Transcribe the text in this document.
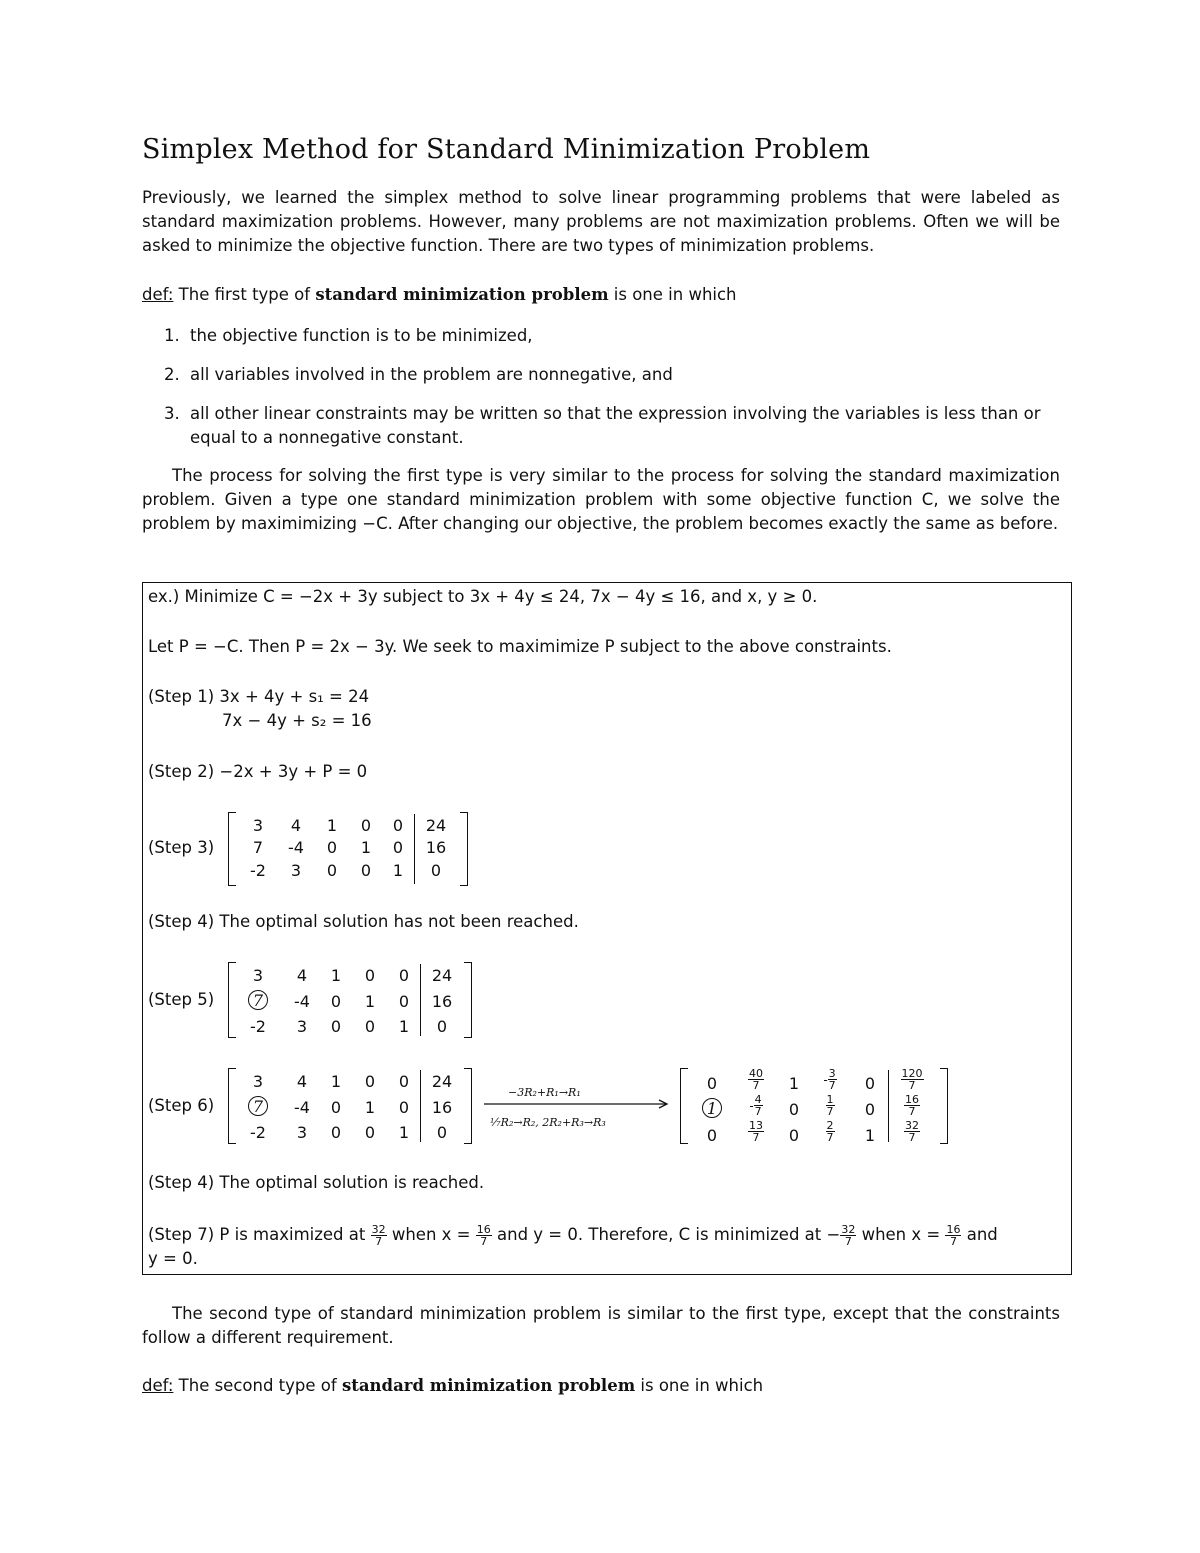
Simplex Method for Standard Minimization Problem
Previously, we learned the simplex method to solve linear programming problems that were labeled as standard maximization problems. However, many problems are not maximization problems. Often we will be asked to minimize the objective function. There are two types of minimization problems.
def: The first type of standard minimization problem is one in which
1. the objective function is to be minimized,
2. all variables involved in the problem are nonnegative, and
3. all other linear constraints may be written so that the expression involving the variables is less than or equal to a nonnegative constant.
The process for solving the first type is very similar to the process for solving the standard maximization problem. Given a type one standard minimization problem with some objective function C, we solve the problem by maximimizing −C. After changing our objective, the problem becomes exactly the same as before.
ex.) Minimize C = −2x + 3y subject to 3x + 4y ≤ 24, 7x − 4y ≤ 16, and x, y ≥ 0.
Let P = −C. Then P = 2x − 3y. We seek to maximimize P subject to the above constraints.
(Step 1) 3x + 4y + s₁ = 24
7x − 4y + s₂ = 16
(Step 2) −2x + 3y + P = 0
(Step 3)
3	4	1	0	0	24
7	-4	0	1	0	16
-2	3	0	0	1	0
(Step 4) The optimal solution has not been reached.
(Step 5)
3	4	1	0	0	24
7	-4	0	1	0	16
-2	3	0	0	1	0
(Step 6)
3	4	1	0	0	24
7	-4	0	1	0	16
-2	3	0	0	1	0
−3R₂+R₁→R₁
¹⁄₇R₂→R₂, 2R₂+R₃→R₃
0	$\frac{40}{7}$	1	- $\frac{3}{7}$	0	$\frac{120}{7}$
1	- $\frac{4}{7}$	0	$\frac{1}{7}$	0	$\frac{16}{7}$
0	$\frac{13}{7}$	0	$\frac{2}{7}$	1	$\frac{32}{7}$
(Step 4) The optimal solution is reached.
(Step 7) P is maximized at $\frac{32}{7}$ when $x = \frac{16}{7}$ and y = 0. Therefore, C is minimized at − $\frac{32}{7}$ when $x = \frac{16}{7}$ and
y = 0.
The second type of standard minimization problem is similar to the first type, except that the constraints follow a different requirement.
def: The second type of standard minimization problem is one in which
